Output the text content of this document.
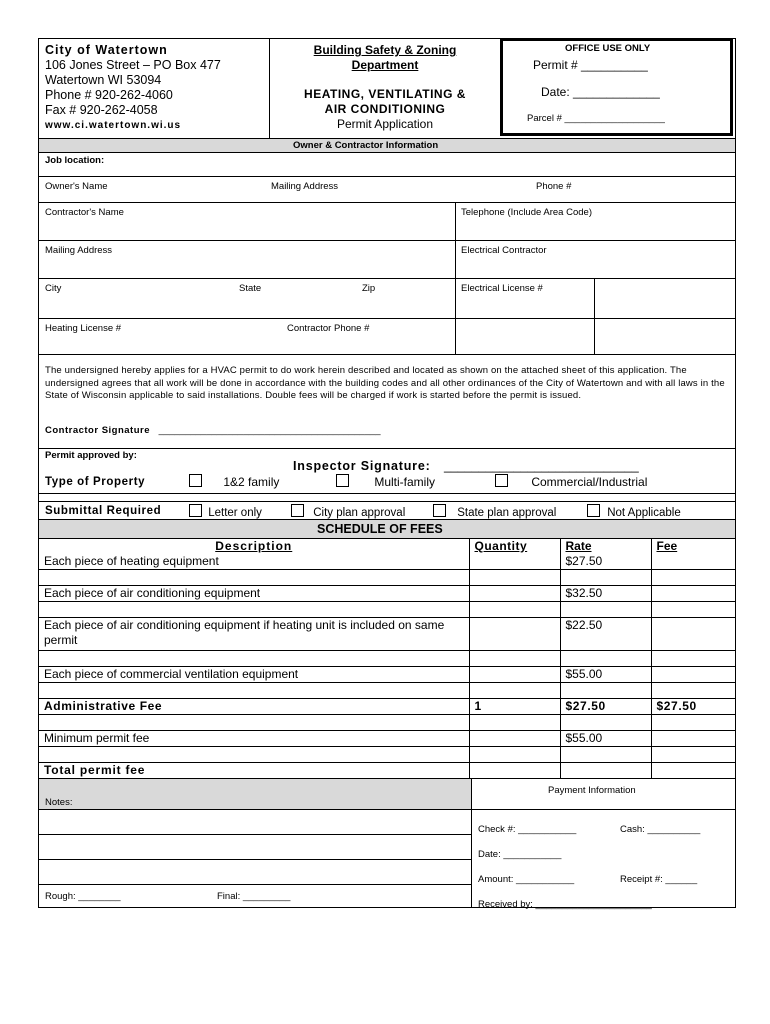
City of Watertown
106 Jones Street – PO Box 477
Watertown WI 53094
Phone # 920-262-4060
Fax # 920-262-4058
www.ci.watertown.wi.us
Building Safety & Zoning
Department
HEATING, VENTILATING &
AIR CONDITIONING
Permit Application
OFFICE USE ONLY
Permit # __________
Date: _____________
Parcel # ___________________
Owner & Contractor Information
Job location:
Owner's Name	Mailing Address	Phone #
Contractor's Name	Telephone (Include Area Code)
Mailing Address	Electrical Contractor
City	State	Zip	Electrical License #
Heating License #	Contractor Phone #
The undersigned hereby applies for a HVAC permit to do work herein described and located as shown on the attached sheet of this application. The undersigned agrees that all work will be done in accordance with the building codes and all other ordinances of the City of Watertown and with all laws in the State of Wisconsin applicable to said installations. Double fees will be charged if work is started before the permit is issued.
Contractor Signature __________________________________________
Permit approved by:
Inspector Signature: ____________________________
Type of Property	1&2 family	Multi-family	Commercial/Industrial
Submittal Required	Letter only	City plan approval	State plan approval	Not Applicable
SCHEDULE OF FEES
Description	Quantity	Rate	Fee
Each piece of heating equipment		$27.50	

Each piece of air conditioning equipment		$32.50	

Each piece of air conditioning equipment if heating unit is included on same permit		$22.50	

Each piece of commercial ventilation equipment		$55.00	

Administrative Fee	1	$27.50	$27.50

Minimum permit fee		$55.00	

Total permit fee			
Notes:
Rough: ________	Final: _________
Payment Information
Check #: ___________	Cash: __________
Date: ___________
Amount: ___________	Receipt #: ______
Received by: ______________________
